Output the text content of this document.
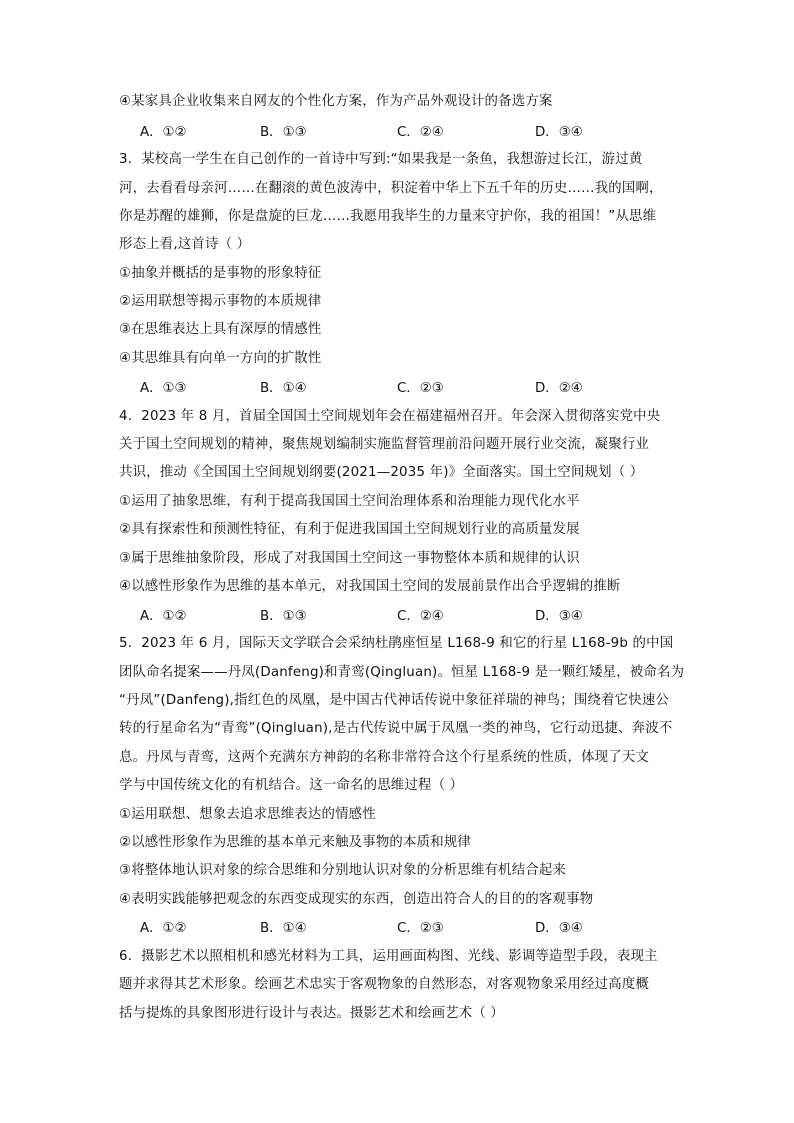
④某家具企业收集来自网友的个性化方案，作为产品外观设计的备选方案
A．①②	B．①③	C．②④	D．③④
3．某校高一学生在自己创作的一首诗中写到:“如果我是一条鱼，我想游过长江，游过黄
河，去看看母亲河……在翻滚的黄色波涛中，积淀着中华上下五千年的历史……我的国啊，
你是苏醒的雄狮，你是盘旋的巨龙……我愿用我毕生的力量来守护你，我的祖国！”从思维
形态上看,这首诗（ ）
①抽象并概括的是事物的形象特征
②运用联想等揭示事物的本质规律
③在思维表达上具有深厚的情感性
④其思维具有向单一方向的扩散性
A．①③	B．①④	C．②③	D．②④
4．2023 年 8 月，首届全国国土空间规划年会在福建福州召开。年会深入贯彻落实党中央
关于国土空间规划的精神，聚焦规划编制实施监督管理前沿问题开展行业交流，凝聚行业
共识，推动《全国国土空间规划纲要(2021—2035 年)》全面落实。国土空间规划（ ）
①运用了抽象思维，有利于提高我国国土空间治理体系和治理能力现代化水平
②具有探索性和预测性特征，有利于促进我国国土空间规划行业的高质量发展
③属于思维抽象阶段，形成了对我国国土空间这一事物整体本质和规律的认识
④以感性形象作为思维的基本单元，对我国国土空间的发展前景作出合乎逻辑的推断
A．①②	B．①③	C．②④	D．③④
5．2023 年 6 月，国际天文学联合会采纳杜鹃座恒星 L168-9 和它的行星 L168-9b 的中国
团队命名提案——丹凤(Danfeng)和青鸾(Qingluan)。恒星 L168-9 是一颗红矮星，被命名为
“丹凤”(Danfeng),指红色的凤凰，是中国古代神话传说中象征祥瑞的神鸟；围绕着它快速公
转的行星命名为“青鸾”(Qingluan),是古代传说中属于凤凰一类的神鸟，它行动迅捷、奔波不
息。丹凤与青鸾，这两个充满东方神韵的名称非常符合这个行星系统的性质，体现了天文
学与中国传统文化的有机结合。这一命名的思维过程（ ）
①运用联想、想象去追求思维表达的情感性
②以感性形象作为思维的基本单元来触及事物的本质和规律
③将整体地认识对象的综合思维和分别地认识对象的分析思维有机结合起来
④表明实践能够把观念的东西变成现实的东西，创造出符合人的目的的客观事物
A．①②	B．①④	C．②③	D．③④
6．摄影艺术以照相机和感光材料为工具，运用画面构图、光线、影调等造型手段，表现主
题并求得其艺术形象。绘画艺术忠实于客观物象的自然形态，对客观物象采用经过高度概
括与提炼的具象图形进行设计与表达。摄影艺术和绘画艺术（ ）
